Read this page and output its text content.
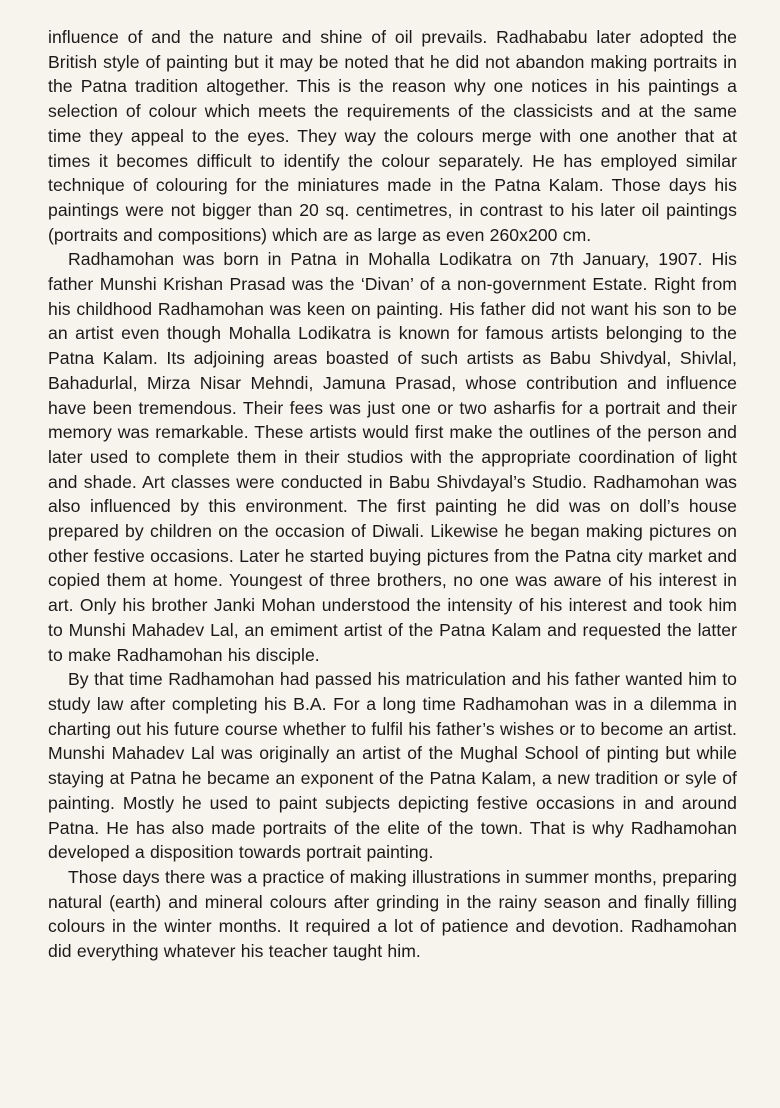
influence of and the nature and shine of oil prevails. Radhababu later adopted the British style of painting but it may be noted that he did not abandon making portraits in the Patna tradition altogether. This is the reason why one notices in his paintings a selection of colour which meets the requirements of the classicists and at the same time they appeal to the eyes. They way the colours merge with one another that at times it becomes difficult to identify the colour separately. He has employed similar technique of colouring for the miniatures made in the Patna Kalam. Those days his paintings were not bigger than 20 sq. centimetres, in contrast to his later oil paintings (portraits and compositions) which are as large as even 260x200 cm.

Radhamohan was born in Patna in Mohalla Lodikatra on 7th January, 1907. His father Munshi Krishan Prasad was the ‘Divan’ of a non-government Estate. Right from his childhood Radhamohan was keen on painting. His father did not want his son to be an artist even though Mohalla Lodikatra is known for famous artists belonging to the Patna Kalam. Its adjoining areas boasted of such artists as Babu Shivdyal, Shivlal, Bahadurlal, Mirza Nisar Mehndi, Jamuna Prasad, whose contribution and influence have been tremendous. Their fees was just one or two asharfis for a portrait and their memory was remarkable. These artists would first make the outlines of the person and later used to complete them in their studios with the appropriate coordination of light and shade. Art classes were conducted in Babu Shivdayal’s Studio. Radhamohan was also influenced by this environment. The first painting he did was on doll’s house prepared by children on the occasion of Diwali. Likewise he began making pictures on other festive occasions. Later he started buying pictures from the Patna city market and copied them at home. Youngest of three brothers, no one was aware of his interest in art. Only his brother Janki Mohan understood the intensity of his interest and took him to Munshi Mahadev Lal, an emiment artist of the Patna Kalam and requested the latter to make Radhamohan his disciple.

By that time Radhamohan had passed his matriculation and his father wanted him to study law after completing his B.A. For a long time Radhamohan was in a dilemma in charting out his future course whether to fulfil his father’s wishes or to become an artist. Munshi Mahadev Lal was originally an artist of the Mughal School of pinting but while staying at Patna he became an exponent of the Patna Kalam, a new tradition or syle of painting. Mostly he used to paint subjects depicting festive occasions in and around Patna. He has also made portraits of the elite of the town. That is why Radhamohan developed a disposition towards portrait painting.

Those days there was a practice of making illustrations in summer months, preparing natural (earth) and mineral colours after grinding in the rainy season and finally filling colours in the winter months. It required a lot of patience and devotion. Radhamohan did everything whatever his teacher taught him.
